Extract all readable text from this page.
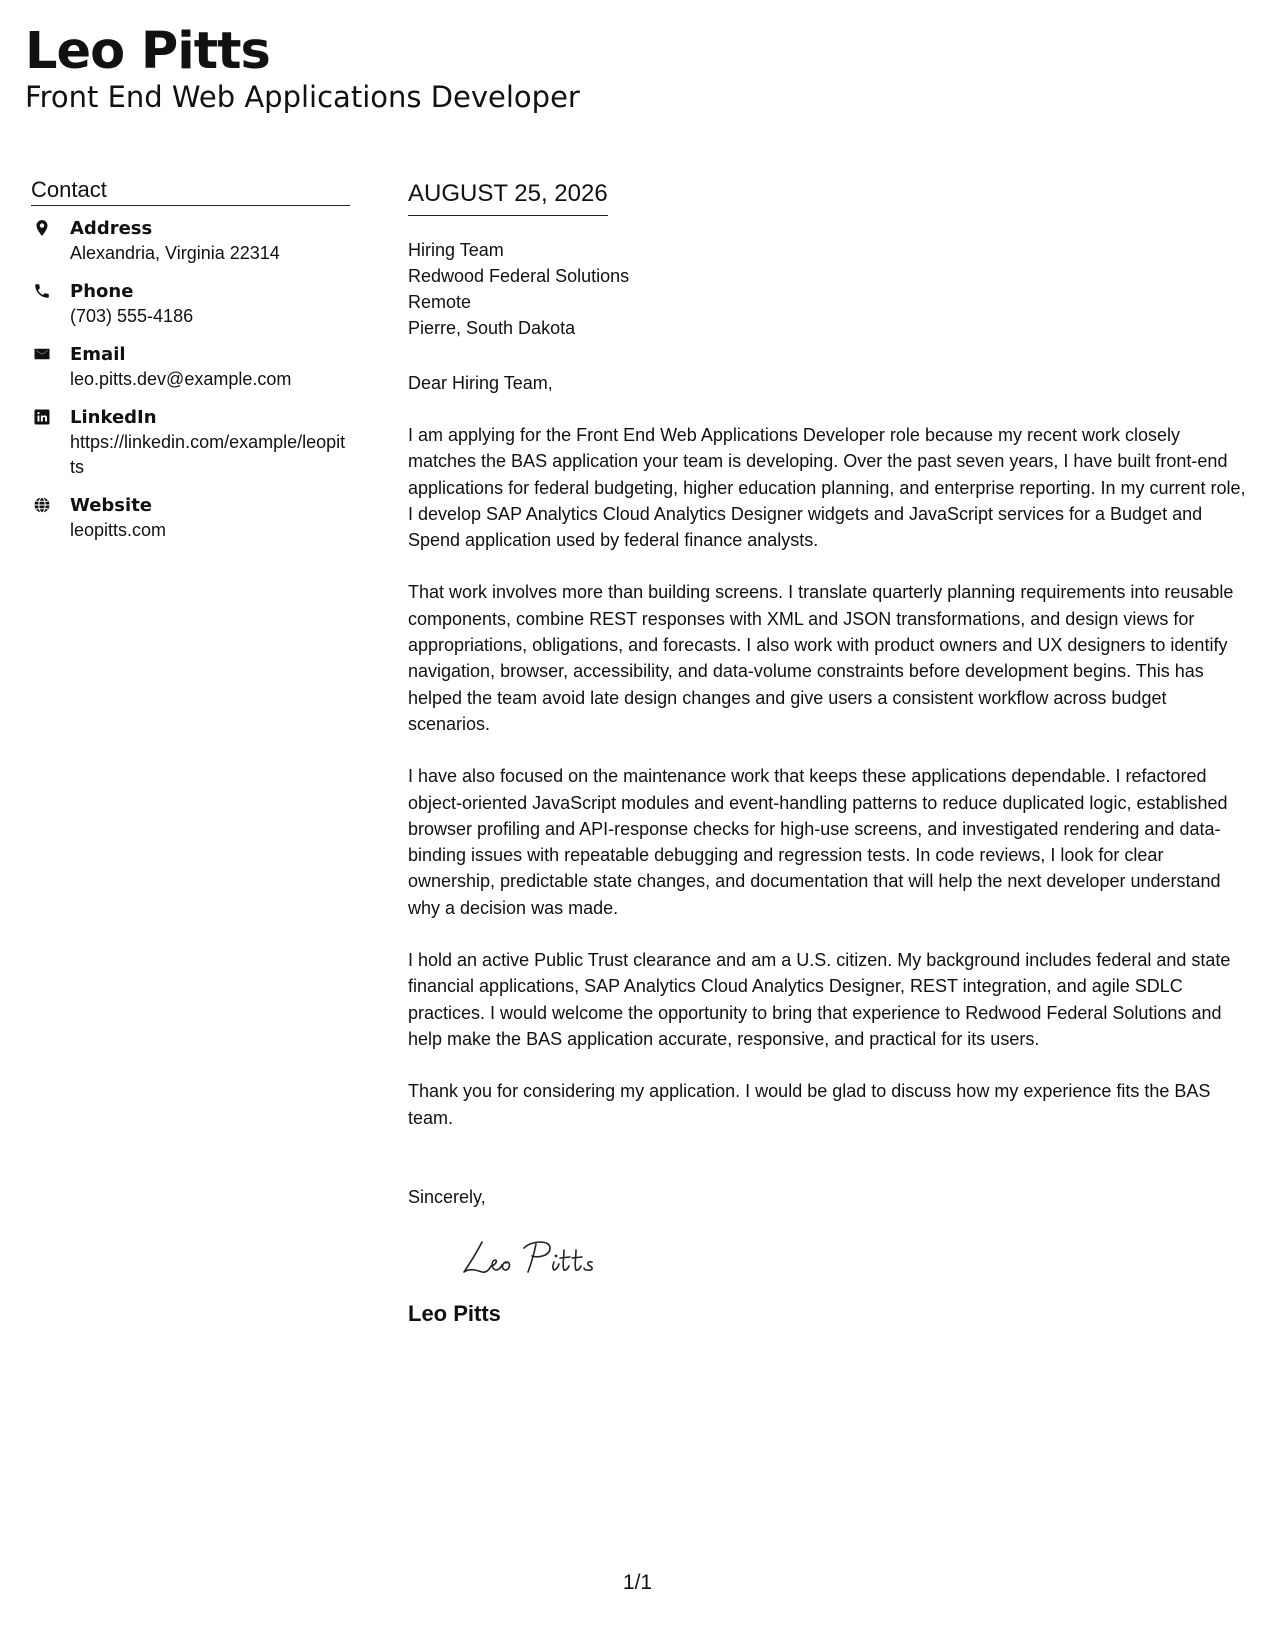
Leo Pitts
Front End Web Applications Developer
Contact
Address
Alexandria, Virginia 22314
Phone
(703) 555-4186
Email
leo.pitts.dev@example.com
LinkedIn
https://linkedin.com/example/leopitts
Website
leopitts.com
AUGUST 25, 2026
Hiring Team
Redwood Federal Solutions
Remote
Pierre, South Dakota
Dear Hiring Team,
I am applying for the Front End Web Applications Developer role because my recent work closely matches the BAS application your team is developing. Over the past seven years, I have built front-end applications for federal budgeting, higher education planning, and enterprise reporting. In my current role, I develop SAP Analytics Cloud Analytics Designer widgets and JavaScript services for a Budget and Spend application used by federal finance analysts.
That work involves more than building screens. I translate quarterly planning requirements into reusable components, combine REST responses with XML and JSON transformations, and design views for appropriations, obligations, and forecasts. I also work with product owners and UX designers to identify navigation, browser, accessibility, and data-volume constraints before development begins. This has helped the team avoid late design changes and give users a consistent workflow across budget scenarios.
I have also focused on the maintenance work that keeps these applications dependable. I refactored object-oriented JavaScript modules and event-handling patterns to reduce duplicated logic, established browser profiling and API-response checks for high-use screens, and investigated rendering and data-binding issues with repeatable debugging and regression tests. In code reviews, I look for clear ownership, predictable state changes, and documentation that will help the next developer understand why a decision was made.
I hold an active Public Trust clearance and am a U.S. citizen. My background includes federal and state financial applications, SAP Analytics Cloud Analytics Designer, REST integration, and agile SDLC practices. I would welcome the opportunity to bring that experience to Redwood Federal Solutions and help make the BAS application accurate, responsive, and practical for its users.
Thank you for considering my application. I would be glad to discuss how my experience fits the BAS team.
Sincerely,
Leo Pitts
1/1
